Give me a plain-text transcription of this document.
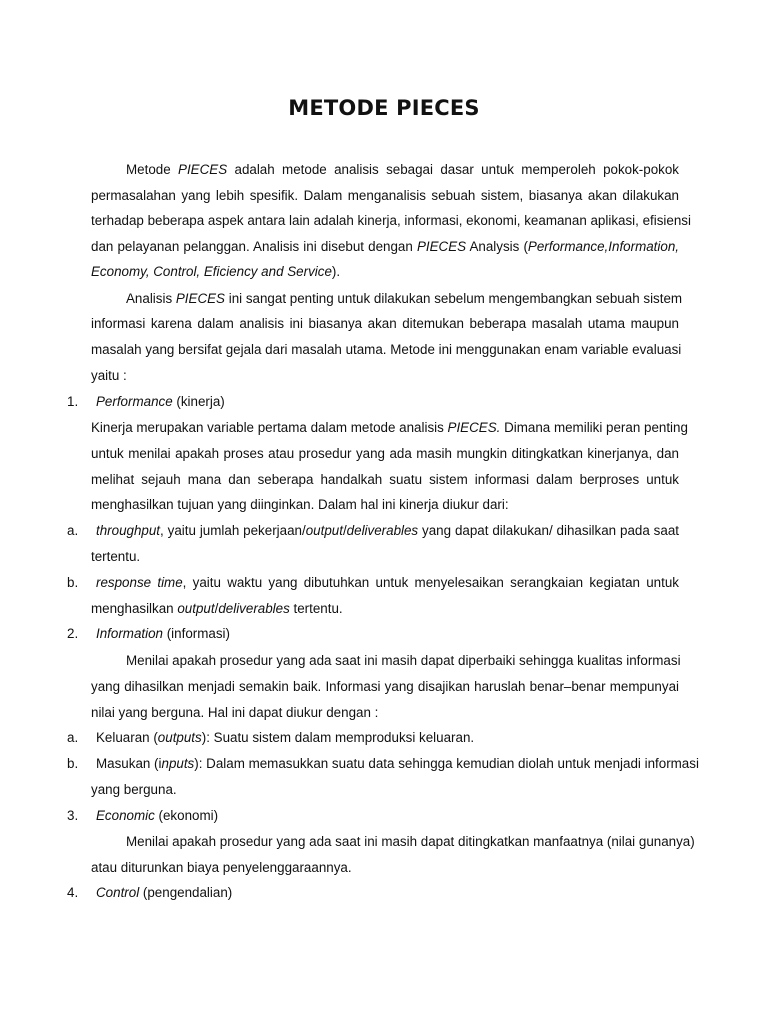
METODE PIECES
Metode PIECES adalah metode analisis sebagai dasar untuk memperoleh pokok-pokok
permasalahan yang lebih spesifik. Dalam menganalisis sebuah sistem, biasanya akan dilakukan
terhadap beberapa aspek antara lain adalah kinerja, informasi, ekonomi, keamanan aplikasi, efisiensi
dan pelayanan pelanggan. Analisis ini disebut dengan PIECES Analysis (Performance,Information,
Economy, Control, Eficiency and Service).
Analisis PIECES ini sangat penting untuk dilakukan sebelum mengembangkan sebuah sistem
informasi karena dalam analisis ini biasanya akan ditemukan beberapa masalah utama maupun
masalah yang bersifat gejala dari masalah utama. Metode ini menggunakan enam variable evaluasi
yaitu :
1. Performance (kinerja)
Kinerja merupakan variable pertama dalam metode analisis PIECES. Dimana memiliki peran penting
untuk menilai apakah proses atau prosedur yang ada masih mungkin ditingkatkan kinerjanya, dan
melihat sejauh mana dan seberapa handalkah suatu sistem informasi dalam berproses untuk
menghasilkan tujuan yang diinginkan. Dalam hal ini kinerja diukur dari:
a. throughput, yaitu jumlah pekerjaan/output/deliverables yang dapat dilakukan/ dihasilkan pada saat
tertentu.
b. response time, yaitu waktu yang dibutuhkan untuk menyelesaikan serangkaian kegiatan untuk
menghasilkan output/deliverables tertentu.
2. Information (informasi)
Menilai apakah prosedur yang ada saat ini masih dapat diperbaiki sehingga kualitas informasi
yang dihasilkan menjadi semakin baik. Informasi yang disajikan haruslah benar–benar mempunyai
nilai yang berguna. Hal ini dapat diukur dengan :
a. Keluaran (outputs): Suatu sistem dalam memproduksi keluaran.
b. Masukan (inputs): Dalam memasukkan suatu data sehingga kemudian diolah untuk menjadi informasi
yang berguna.
3. Economic (ekonomi)
Menilai apakah prosedur yang ada saat ini masih dapat ditingkatkan manfaatnya (nilai gunanya)
atau diturunkan biaya penyelenggaraannya.
4. Control (pengendalian)
